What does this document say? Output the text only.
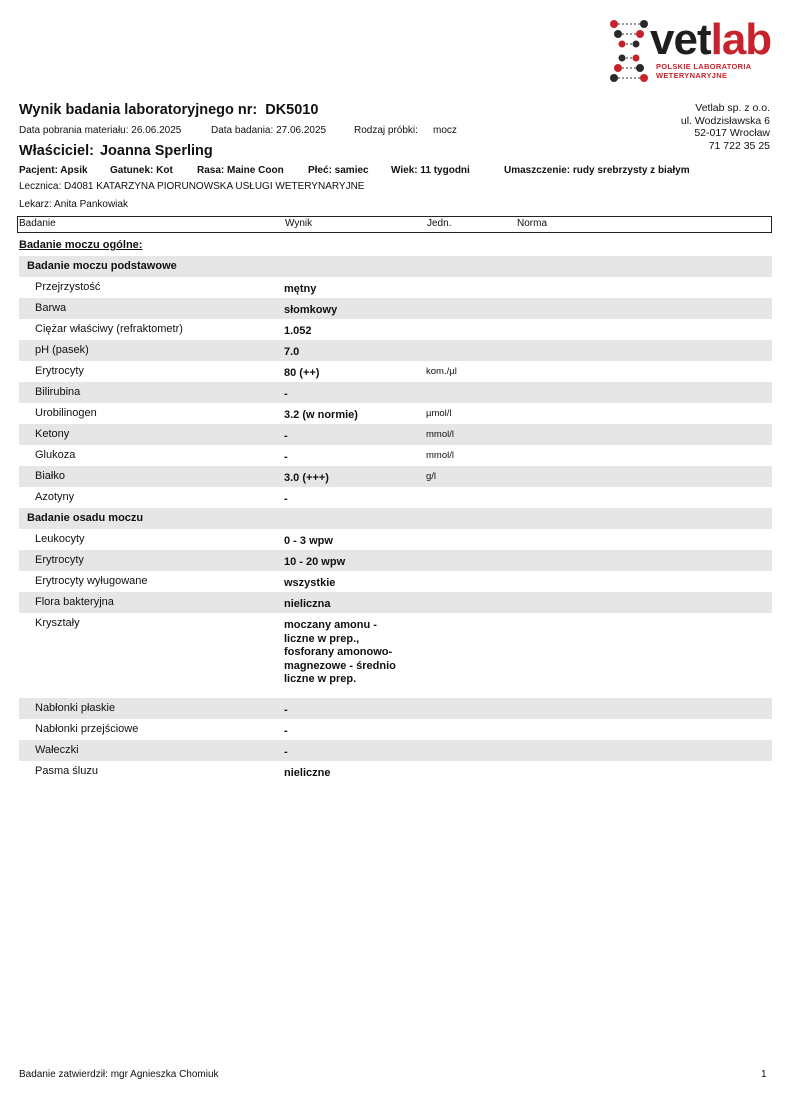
vetlab
POLSKIE LABORATORIA
WETERYNARYJNE
Vetlab sp. z o.o.
ul. Wodzisławska 6
52-017 Wrocław
71 722 35 25
Wynik badania laboratoryjnego nr: DK5010
Data pobrania materiału: 26.06.2025	Data badania: 27.06.2025	Rodzaj próbki: mocz
Właściciel: Joanna Sperling
Pacjent: Apsik Gatunek: Kot Rasa: Maine Coon Płeć: samiec Wiek: 11 tygodni	Umaszczenie: rudy srebrzysty z białym
Lecznica: D4081 KATARZYNA PIORUNOWSKA USŁUGI WETERYNARYJNE
Lekarz: Anita Pankowiak
Badanie	Wynik	Jedn.	Norma
Badanie moczu ogólne:
Badanie moczu podstawowe
Przejrzystość	mętny
Barwa	słomkowy
Ciężar właściwy (refraktometr)	1.052
pH (pasek)	7.0
Erytrocyty	80 (++)	kom./µl
Bilirubina	-
Urobilinogen	3.2 (w normie)	µmol/l
Ketony	-	mmol/l
Glukoza	-	mmol/l
Białko	3.0 (+++)	g/l
Azotyny	-
Badanie osadu moczu
Leukocyty	0 - 3 wpw
Erytrocyty	10 - 20 wpw
Erytrocyty wyługowane	wszystkie
Flora bakteryjna	nieliczna
Kryształy	moczany amonu -
liczne w prep.,
fosforany amonowo-
magnezowe - średnio
liczne w prep.
Nabłonki płaskie	-
Nabłonki przejściowe	-
Wałeczki	-
Pasma śluzu	nieliczne
Badanie zatwierdził: mgr Agnieszka Chomiuk	1
